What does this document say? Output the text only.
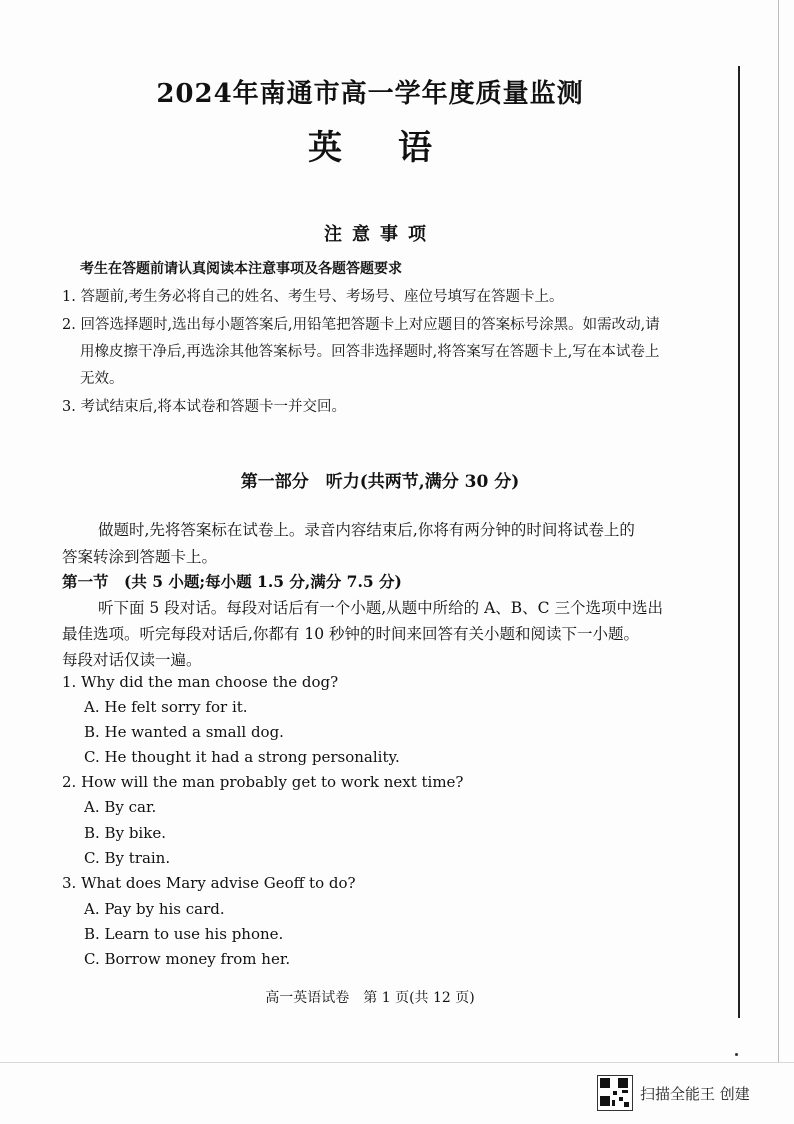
2024年南通市高一学年度质量监测
英 语
注意事项
考生在答题前请认真阅读本注意事项及各题答题要求
1. 答题前,考生务必将自己的姓名、考生号、考场号、座位号填写在答题卡上。
2. 回答选择题时,选出每小题答案后,用铅笔把答题卡上对应题目的答案标号涂黑。如需改动,请
用橡皮擦干净后,再选涂其他答案标号。回答非选择题时,将答案写在答题卡上,写在本试卷上
无效。
3. 考试结束后,将本试卷和答题卡一并交回。
第一部分　听力(共两节,满分 30 分)
做题时,先将答案标在试卷上。录音内容结束后,你将有两分钟的时间将试卷上的
答案转涂到答题卡上。
第一节　(共 5 小题;每小题 1.5 分,满分 7.5 分)
听下面 5 段对话。每段对话后有一个小题,从题中所给的 A、B、C 三个选项中选出
最佳选项。听完每段对话后,你都有 10 秒钟的时间来回答有关小题和阅读下一小题。
每段对话仅读一遍。
1. Why did the man choose the dog?
A. He felt sorry for it.
B. He wanted a small dog.
C. He thought it had a strong personality.
2. How will the man probably get to work next time?
A. By car.
B. By bike.
C. By train.
3. What does Mary advise Geoff to do?
A. Pay by his card.
B. Learn to use his phone.
C. Borrow money from her.
高一英语试卷　第 1 页(共 12 页)
扫描全能王 创建
